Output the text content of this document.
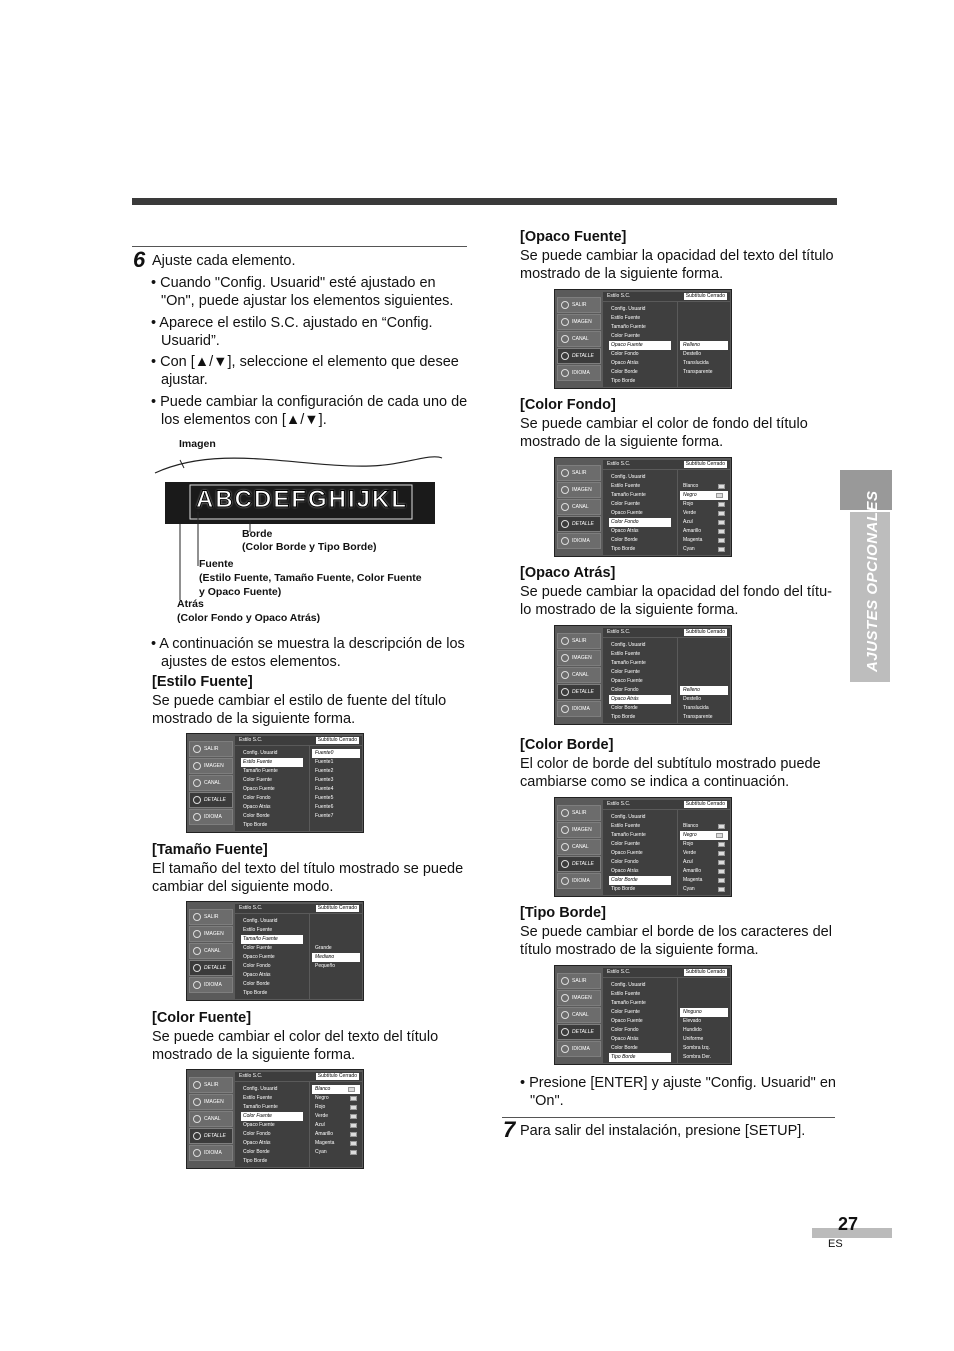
AJUSTES OPCIONALES
6 Ajuste cada elemento.
• Cuando "Config. Usuarid" esté ajustado en "On", puede ajustar los elementos siguientes.
• Aparece el estilo S.C. ajustado en “Config. Usuarid”.
• Con [▲/▼], seleccione el elemento que desee ajustar.
• Puede cambiar la configuración de cada uno de los elementos con [▲/▼].
Imagen
ABCDEFGHIJKL
Borde
(Color Borde y Tipo Borde)
Fuente
(Estilo Fuente, Tamaño Fuente, Color Fuente
y Opaco Fuente)
Atrás
(Color Fondo y Opaco Atrás)
• A continuación se muestra la descripción de los ajustes de estos elementos.
[Estilo Fuente]
Se puede cambiar el estilo de fuente del título mostrado de la siguiente forma.
[Tamaño Fuente]
El tamaño del texto del título mostrado se puede cambiar del siguiente modo.
[Color Fuente]
Se puede cambiar el color del texto del título mostrado de la siguiente forma.
[Opaco Fuente]
Se puede cambiar la opacidad del texto del título mostrado de la siguiente forma.
[Color Fondo]
Se puede cambiar el color de fondo del título mostrado de la siguiente forma.
[Opaco Atrás]
Se puede cambiar la opacidad del fondo del títu-lo mostrado de la siguiente forma.
[Color Borde]
El color de borde del subtítulo mostrado puede cambiarse como se indica a continuación.
[Tipo Borde]
Se puede cambiar el borde de los caracteres del título mostrado de la siguiente forma.
• Presione [ENTER] y ajuste "Config. Usuarid" en "On".
7 Para salir del instalación, presione [SETUP].
27
ES
SALIR
IMAGEN
CANAL
DETALLE
IDIOMA
Estilo S.C.	Subtítulo Cerrado
Config. Usuarid
Estilo Fuente
Tamaño Fuente
Color Fuente
Opaco Fuente
Color Fondo
Opaco Atrás
Color Borde
Tipo Borde
Fuente0
Fuente1
Fuente2
Fuente3
Fuente4
Fuente5
Fuente6
Fuente7
SALIR
IMAGEN
CANAL
DETALLE
IDIOMA
Estilo S.C.	Subtítulo Cerrado
Config. Usuarid
Estilo Fuente
Tamaño Fuente
Color Fuente
Opaco Fuente
Color Fondo
Opaco Atrás
Color Borde
Tipo Borde
Grande
Mediano
Pequeño
SALIR
IMAGEN
CANAL
DETALLE
IDIOMA
Estilo S.C.	Subtítulo Cerrado
Config. Usuarid
Estilo Fuente
Tamaño Fuente
Color Fuente
Opaco Fuente
Color Fondo
Opaco Atrás
Color Borde
Tipo Borde
Blanco
Negro
Rojo
Verde
Azul
Amarillo
Magenta
Cyan
SALIR
IMAGEN
CANAL
DETALLE
IDIOMA
Estilo S.C.	Subtítulo Cerrado
Config. Usuarid
Estilo Fuente
Tamaño Fuente
Color Fuente
Opaco Fuente
Color Fondo
Opaco Atrás
Color Borde
Tipo Borde
Relleno
Destello
Translucida
Transparente
SALIR
IMAGEN
CANAL
DETALLE
IDIOMA
Estilo S.C.	Subtítulo Cerrado
Config. Usuarid
Estilo Fuente
Tamaño Fuente
Color Fuente
Opaco Fuente
Color Fondo
Opaco Atrás
Color Borde
Tipo Borde
Blanco
Negro
Rojo
Verde
Azul
Amarillo
Magenta
Cyan
SALIR
IMAGEN
CANAL
DETALLE
IDIOMA
Estilo S.C.	Subtítulo Cerrado
Config. Usuarid
Estilo Fuente
Tamaño Fuente
Color Fuente
Opaco Fuente
Color Fondo
Opaco Atrás
Color Borde
Tipo Borde
Relleno
Destello
Translucida
Transparente
SALIR
IMAGEN
CANAL
DETALLE
IDIOMA
Estilo S.C.	Subtítulo Cerrado
Config. Usuarid
Estilo Fuente
Tamaño Fuente
Color Fuente
Opaco Fuente
Color Fondo
Opaco Atrás
Color Borde
Tipo Borde
Blanco
Negro
Rojo
Verde
Azul
Amarillo
Magenta
Cyan
SALIR
IMAGEN
CANAL
DETALLE
IDIOMA
Estilo S.C.	Subtítulo Cerrado
Config. Usuarid
Estilo Fuente
Tamaño Fuente
Color Fuente
Opaco Fuente
Color Fondo
Opaco Atrás
Color Borde
Tipo Borde
Ninguno
Elevado
Hundido
Uniforme
Sombra Izq.
Sombra Der.
